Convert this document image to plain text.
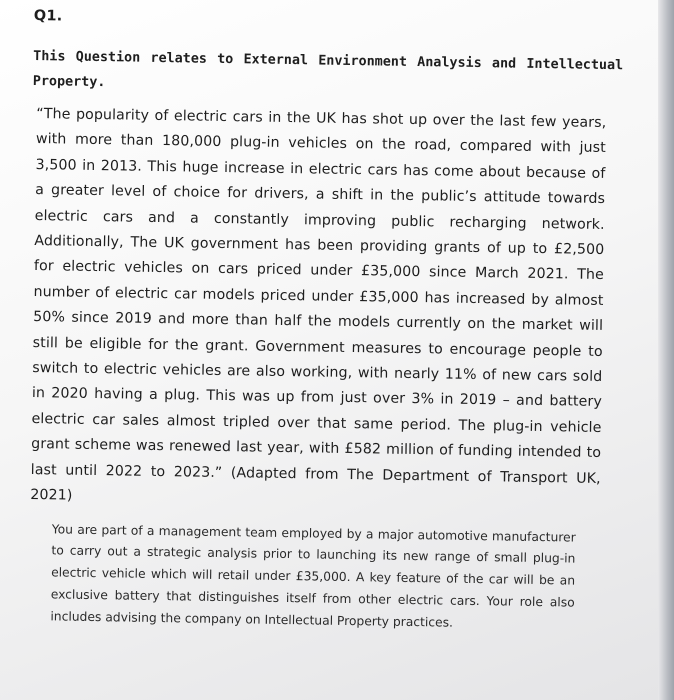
Q1.
This Question relates to External Environment Analysis and Intellectual Property.
“The popularity of electric cars in the UK has shot up over the last few years, with more than 180,000 plug-in vehicles on the road, compared with just 3,500 in 2013. This huge increase in electric cars has come about because of a greater level of choice for drivers, a shift in the public’s attitude towards electric cars and a constantly improving public recharging network. Additionally, The UK government has been providing grants of up to £2,500 for electric vehicles on cars priced under £35,000 since March 2021. The number of electric car models priced under £35,000 has increased by almost 50% since 2019 and more than half the models currently on the market will still be eligible for the grant. Government measures to encourage people to switch to electric vehicles are also working, with nearly 11% of new cars sold in 2020 having a plug. This was up from just over 3% in 2019 – and battery electric car sales almost tripled over that same period. The plug-in vehicle grant scheme was renewed last year, with £582 million of funding intended to last until 2022 to 2023.” (Adapted from The Department of Transport UK, 2021)
You are part of a management team employed by a major automotive manufacturer to carry out a strategic analysis prior to launching its new range of small plug-in electric vehicle which will retail under £35,000. A key feature of the car will be an exclusive battery that distinguishes itself from other electric cars. Your role also includes advising the company on Intellectual Property practices.
